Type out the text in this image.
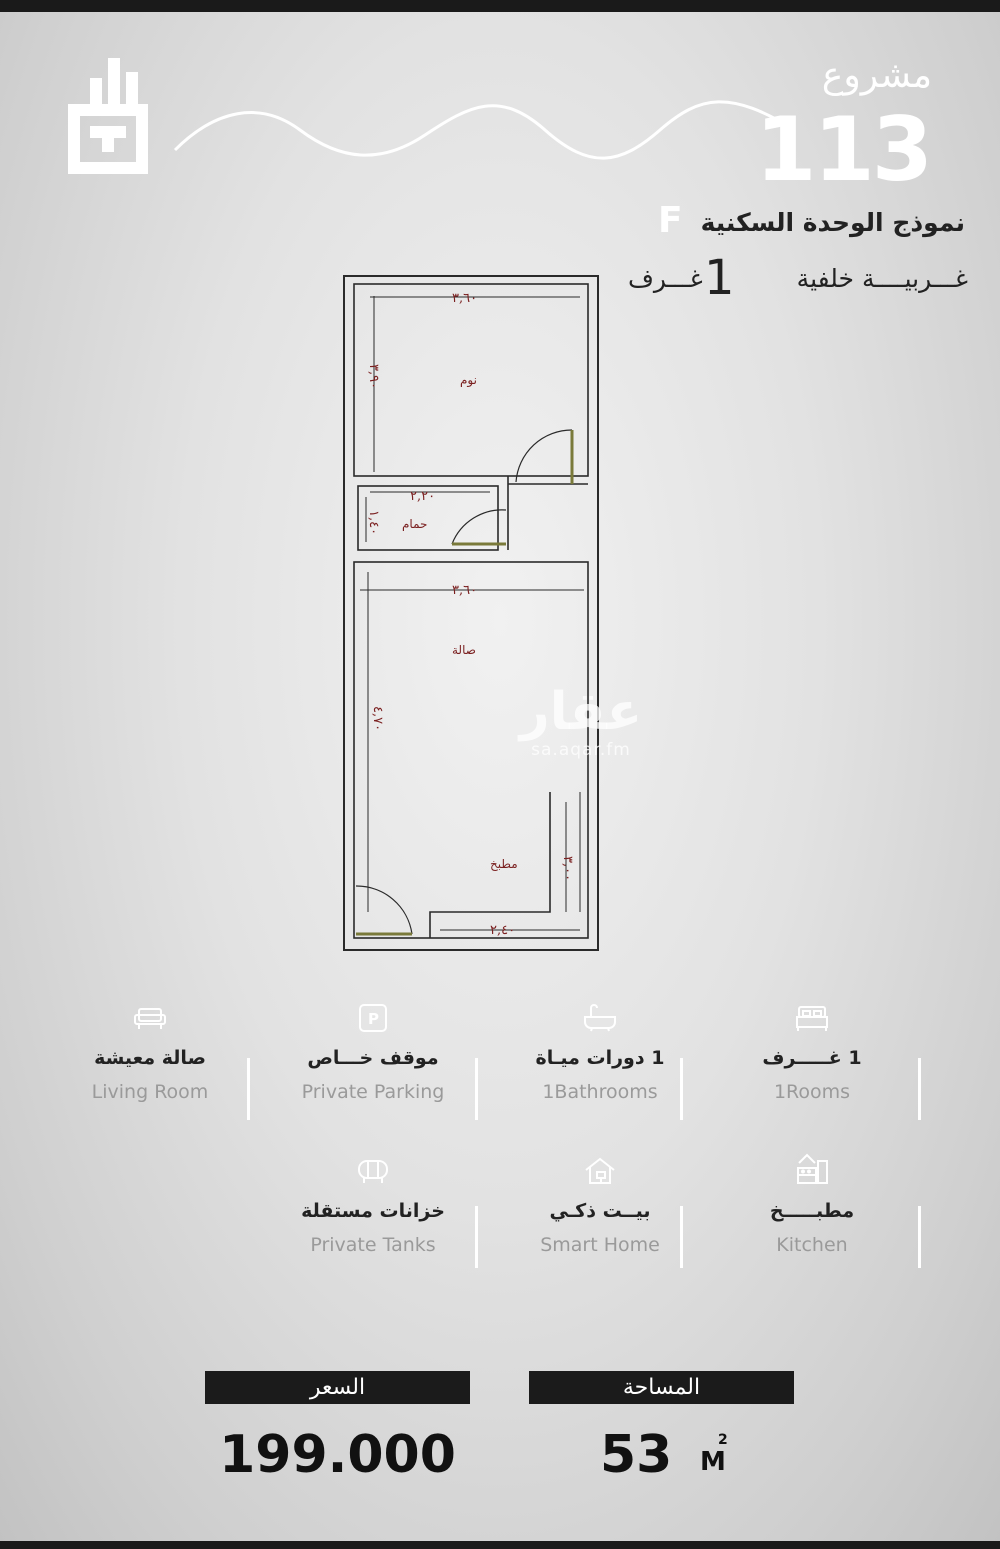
مشروع
113
نموذج الوحدة السكنية
F
غـــربيــــة خلفية
1
غـــرف
٣,٦٠
٣,٩٠	نوم
٢,٢٠
١,٤٠ حمام
٣,٦٠
٤,٧٠
صالة
مطبخ
٢,٤٠
٣,٠٠
عقار
sa.aqar.fm
صالة معيشة
Living Room
P
موقف خـــاص
Private Parking
1 دورات ميـاة
1Bathrooms
1 غـــــرف
1Rooms
خزانات مستقلة
Private Tanks
بيــت ذكـي
Smart Home
مطبـــــخ
Kitchen
السعر	المساحة
199.000	53 M
2
